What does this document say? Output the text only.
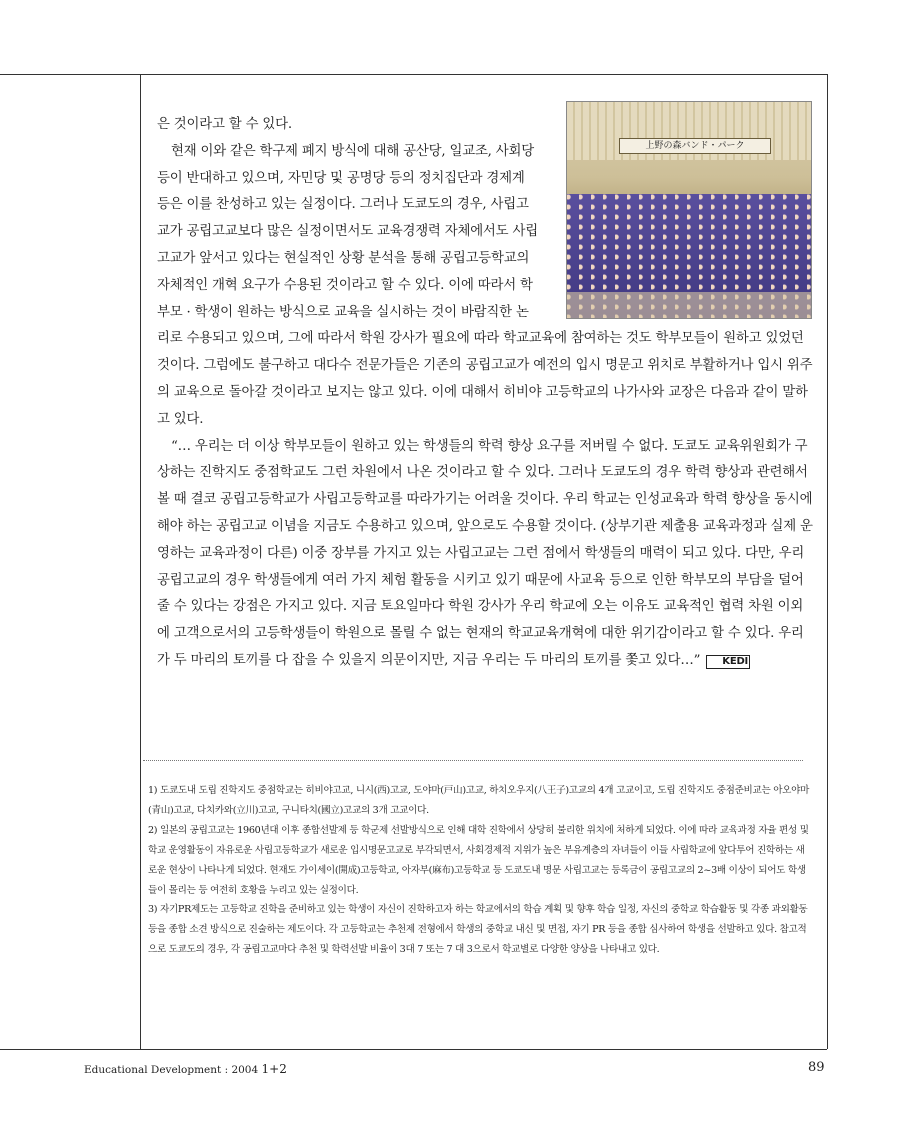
上野の森バンド・パーク

은 것이라고 할 수 있다.
현재 이와 같은 학구제 폐지 방식에 대해 공산당, 일교조, 사회당
등이 반대하고 있으며, 자민당 및 공명당 등의 정치집단과 경제계
등은 이를 찬성하고 있는 실정이다. 그러나 도쿄도의 경우, 사립고
교가 공립고교보다 많은 실정이면서도 교육경쟁력 자체에서도 사립
고교가 앞서고 있다는 현실적인 상황 분석을 통해 공립고등학교의
자체적인 개혁 요구가 수용된 것이라고 할 수 있다. 이에 따라서 학
부모 · 학생이 원하는 방식으로 교육을 실시하는 것이 바람직한 논
리로 수용되고 있으며, 그에 따라서 학원 강사가 필요에 따라 학교교육에 참여하는 것도 학부모들이 원하고 있었던 것이다. 그럼에도 불구하고 대다수 전문가들은 기존의 공립고교가 예전의 입시 명문고 위치로 부활하거나 입시 위주의 교육으로 돌아갈 것이라고 보지는 않고 있다. 이에 대해서 히비야 고등학교의 나가사와 교장은 다음과 같이 말하고 있다.

“… 우리는 더 이상 학부모들이 원하고 있는 학생들의 학력 향상 요구를 저버릴 수 없다. 도쿄도 교육위원회가 구상하는 진학지도 중점학교도 그런 차원에서 나온 것이라고 할 수 있다. 그러나 도쿄도의 경우 학력 향상과 관련해서 볼 때 결코 공립고등학교가 사립고등학교를 따라가기는 어려울 것이다. 우리 학교는 인성교육과 학력 향상을 동시에 해야 하는 공립고교 이념을 지금도 수용하고 있으며, 앞으로도 수용할 것이다. (상부기관 제출용 교육과정과 실제 운영하는 교육과정이 다른) 이중 장부를 가지고 있는 사립고교는 그런 점에서 학생들의 매력이 되고 있다. 다만, 우리 공립고교의 경우 학생들에게 여러 가지 체험 활동을 시키고 있기 때문에 사교육 등으로 인한 학부모의 부담을 덜어줄 수 있다는 강점은 가지고 있다. 지금 토요일마다 학원 강사가 우리 학교에 오는 이유도 교육적인 협력 차원 이외에 고객으로서의 고등학생들이 학원으로 몰릴 수 없는 현재의 학교교육개혁에 대한 위기감이라고 할 수 있다. 우리가 두 마리의 토끼를 다 잡을 수 있을지 의문이지만, 지금 우리는 두 마리의 토끼를 쫓고 있다…” KEDI

1) 도쿄도내 도립 진학지도 중점학교는 히비야고교, 니시(西)고교, 도야마(戸山)고교, 하치오우지(八王子)고교의 4개 고교이고, 도립 진학지도 중점준비교는 아오야마(青山)고교, 다치카와(立川)고교, 구니타치(國立)고교의 3개 고교이다.

2) 일본의 공립고교는 1960년대 이후 종합선발제 등 학군제 선발방식으로 인해 대학 진학에서 상당히 불리한 위치에 처하게 되었다. 이에 따라 교육과정 자율 편성 및 학교 운영활동이 자유로운 사립고등학교가 새로운 입시명문고교로 부각되면서, 사회경제적 지위가 높은 부유계층의 자녀들이 이들 사립학교에 앞다투어 진학하는 새로운 현상이 나타나게 되었다. 현재도 가이세이(開成)고등학교, 아자부(麻布)고등학교 등 도쿄도내 명문 사립고교는 등록금이 공립고교의 2~3배 이상이 되어도 학생들이 몰리는 등 여전히 호황을 누리고 있는 실정이다.

3) 자기PR제도는 고등학교 진학을 준비하고 있는 학생이 자신이 진학하고자 하는 학교에서의 학습 계획 및 향후 학습 일정, 자신의 중학교 학습활동 및 각종 과외활동 등을 종합 소견 방식으로 진술하는 제도이다. 각 고등학교는 추천제 전형에서 학생의 중학교 내신 및 면접, 자기 PR 등을 종합 심사하여 학생을 선발하고 있다. 참고적으로 도쿄도의 경우, 각 공립고교마다 추천 및 학력선발 비율이 3대 7 또는 7 대 3으로서 학교별로 다양한 양상을 나타내고 있다.

Educational Development : 2004 1+2	89
